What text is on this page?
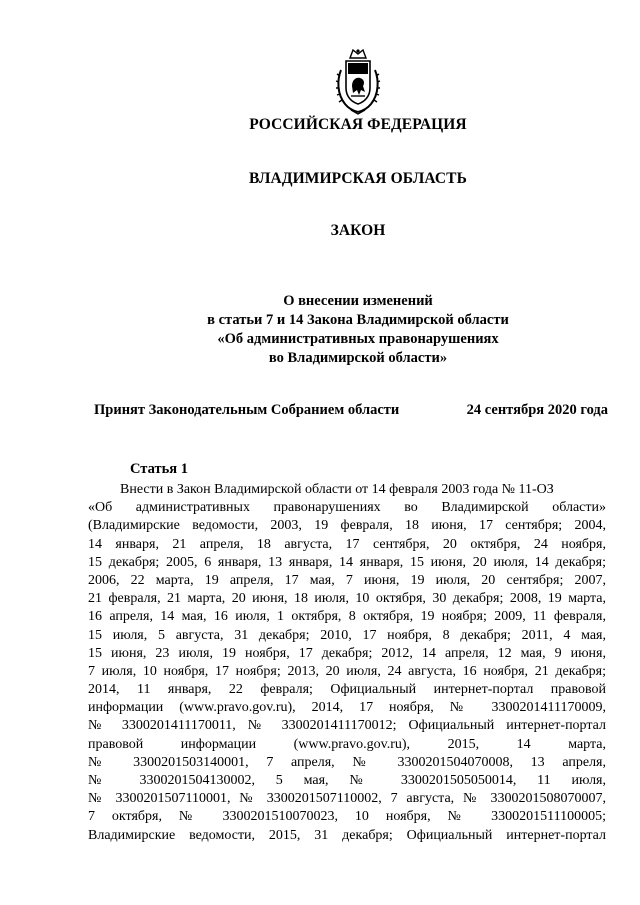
РОССИЙСКАЯ ФЕДЕРАЦИЯ
ВЛАДИМИРСКАЯ ОБЛАСТЬ
ЗАКОН
О внесении изменений
в статьи 7 и 14 Закона Владимирской области
«Об административных правонарушениях
во Владимирской области»
Принят Законодательным Собранием области	24 сентября 2020 года
Статья 1
Внести в Закон Владимирской области от 14 февраля 2003 года № 11-ОЗ
«Об административных правонарушениях во Владимирской области»
(Владимирские ведомости, 2003, 19 февраля, 18 июня, 17 сентября; 2004,
14 января, 21 апреля, 18 августа, 17 сентября, 20 октября, 24 ноября,
15 декабря; 2005, 6 января, 13 января, 14 января, 15 июня, 20 июля, 14 декабря;
2006, 22 марта, 19 апреля, 17 мая, 7 июня, 19 июля, 20 сентября; 2007,
21 февраля, 21 марта, 20 июня, 18 июля, 10 октября, 30 декабря; 2008, 19 марта,
16 апреля, 14 мая, 16 июля, 1 октября, 8 октября, 19 ноября; 2009, 11 февраля,
15 июля, 5 августа, 31 декабря; 2010, 17 ноября, 8 декабря; 2011, 4 мая,
15 июня, 23 июля, 19 ноября, 17 декабря; 2012, 14 апреля, 12 мая, 9 июня,
7 июля, 10 ноября, 17 ноября; 2013, 20 июля, 24 августа, 16 ноября, 21 декабря;
2014, 11 января, 22 февраля; Официальный интернет-портал правовой
информации (www.pravo.gov.ru), 2014, 17 ноября, № 3300201411170009,
№ 3300201411170011, № 3300201411170012; Официальный интернет-портал
правовой информации (www.pravo.gov.ru), 2015, 14 марта,
№ 3300201503140001, 7 апреля, № 3300201504070008, 13 апреля,
№ 3300201504130002, 5 мая, № 3300201505050014, 11 июля,
№ 3300201507110001, № 3300201507110002, 7 августа, № 3300201508070007,
7 октября, № 3300201510070023, 10 ноября, № 3300201511100005;
Владимирские ведомости, 2015, 31 декабря; Официальный интернет-портал
